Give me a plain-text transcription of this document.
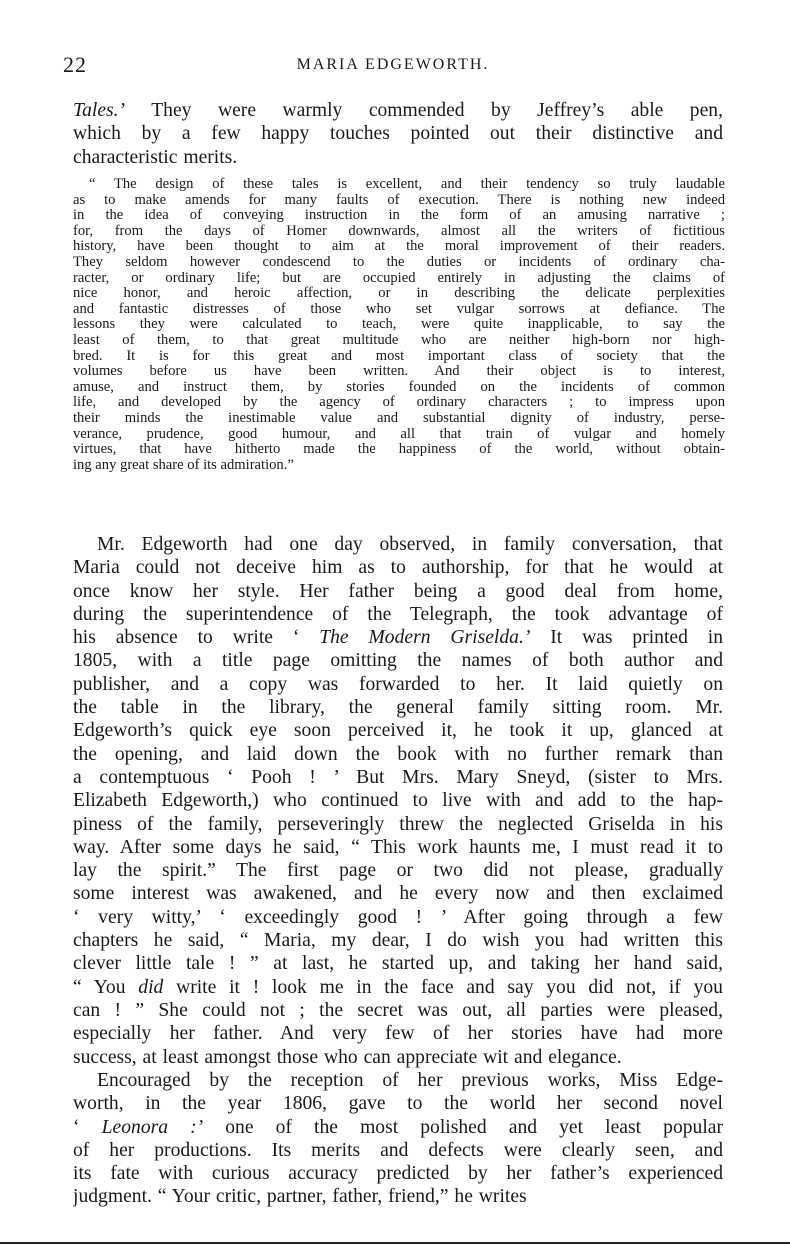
22	MARIA EDGEWORTH.
Tales.’ They were warmly commended by Jeffrey’s able pen,
which by a few happy touches pointed out their distinctive and
characteristic merits.
“ The design of these tales is excellent, and their tendency so truly laudable
as to make amends for many faults of execution. There is nothing new indeed
in the idea of conveying instruction in the form of an amusing narrative ;
for, from the days of Homer downwards, almost all the writers of fictitious
history, have been thought to aim at the moral improvement of their readers.
They seldom however condescend to the duties or incidents of ordinary cha-
racter, or ordinary life; but are occupied entirely in adjusting the claims of
nice honor, and heroic affection, or in describing the delicate perplexities
and fantastic distresses of those who set vulgar sorrows at defiance. The
lessons they were calculated to teach, were quite inapplicable, to say the
least of them, to that great multitude who are neither high-born nor high-
bred. It is for this great and most important class of society that the
volumes before us have been written. And their object is to interest,
amuse, and instruct them, by stories founded on the incidents of common
life, and developed by the agency of ordinary characters ; to impress upon
their minds the inestimable value and substantial dignity of industry, perse-
verance, prudence, good humour, and all that train of vulgar and homely
virtues, that have hitherto made the happiness of the world, without obtain-
ing any great share of its admiration.”
Mr. Edgeworth had one day observed, in family conversation, that
Maria could not deceive him as to authorship, for that he would at
once know her style. Her father being a good deal from home,
during the superintendence of the Telegraph, the took advantage of
his absence to write ‘ The Modern Griselda.’ It was printed in
1805, with a title page omitting the names of both author and
publisher, and a copy was forwarded to her. It laid quietly on
the table in the library, the general family sitting room. Mr.
Edgeworth’s quick eye soon perceived it, he took it up, glanced at
the opening, and laid down the book with no further remark than
a contemptuous ‘ Pooh ! ’ But Mrs. Mary Sneyd, (sister to Mrs.
Elizabeth Edgeworth,) who continued to live with and add to the hap-
piness of the family, perseveringly threw the neglected Griselda in his
way. After some days he said, “ This work haunts me, I must read it to
lay the spirit.” The first page or two did not please, gradually
some interest was awakened, and he every now and then exclaimed
‘ very witty,’ ‘ exceedingly good ! ’ After going through a few
chapters he said, “ Maria, my dear, I do wish you had written this
clever little tale ! ” at last, he started up, and taking her hand said,
“ You did write it ! look me in the face and say you did not, if you
can ! ” She could not ; the secret was out, all parties were pleased,
especially her father. And very few of her stories have had more
success, at least amongst those who can appreciate wit and elegance.
Encouraged by the reception of her previous works, Miss Edge-
worth, in the year 1806, gave to the world her second novel
‘ Leonora :’ one of the most polished and yet least popular
of her productions. Its merits and defects were clearly seen, and
its fate with curious accuracy predicted by her father’s experienced
judgment. “ Your critic, partner, father, friend,” he writes
